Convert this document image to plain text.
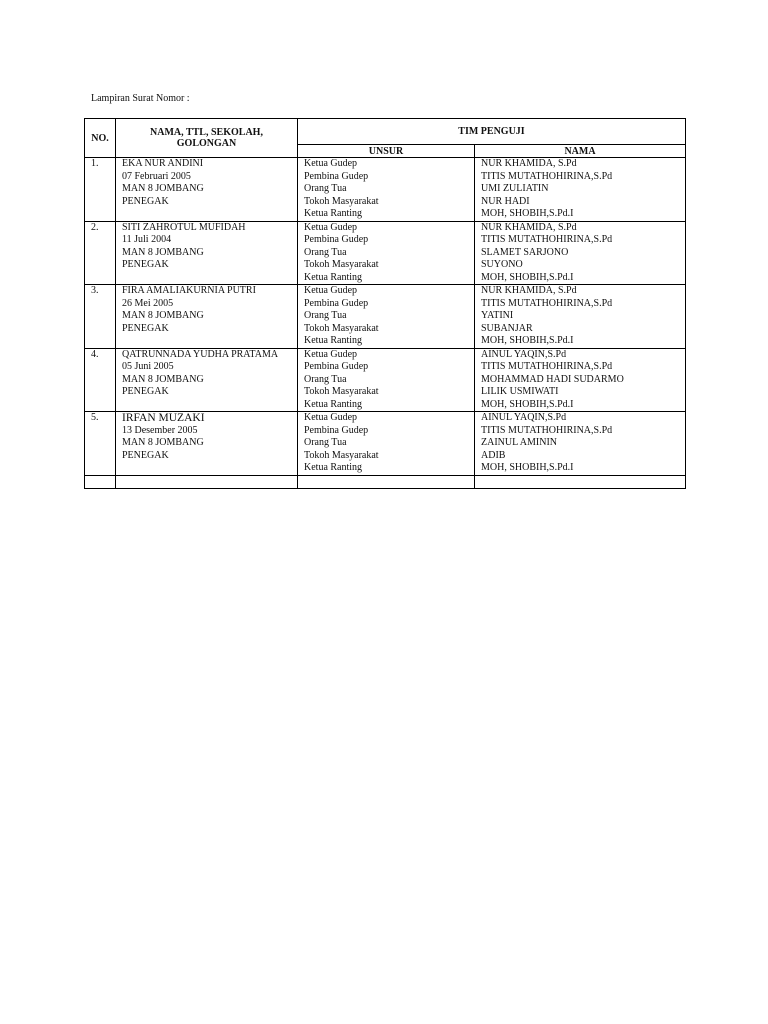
Lampiran Surat Nomor :
NO.	NAMA, TTL, SEKOLAH, GOLONGAN	TIM PENGUJI	
		UNSUR	NAMA

1.	EKA NUR ANDINI
07 Februari 2005
MAN 8 JOMBANG
PENEGAK	Ketua Gudep
Pembina Gudep
Orang Tua
Tokoh Masyarakat
Ketua Ranting	NUR KHAMIDA, S.Pd
TITIS MUTATHOHIRINA,S.Pd
UMI ZULIATIN
NUR HADI
MOH, SHOBIH,S.Pd.I

2.	SITI ZAHROTUL MUFIDAH
11 Juli 2004
MAN 8 JOMBANG
PENEGAK	Ketua Gudep
Pembina Gudep
Orang Tua
Tokoh Masyarakat
Ketua Ranting	NUR KHAMIDA, S.Pd
TITIS MUTATHOHIRINA,S.Pd
SLAMET SARJONO
SUYONO
MOH, SHOBIH,S.Pd.I

3.	FIRA AMALIAKURNIA PUTRI
26 Mei 2005
MAN 8 JOMBANG
PENEGAK	Ketua Gudep
Pembina Gudep
Orang Tua
Tokoh Masyarakat
Ketua Ranting	NUR KHAMIDA, S.Pd
TITIS MUTATHOHIRINA,S.Pd
YATINI
SUBANJAR
MOH, SHOBIH,S.Pd.I

4.	QATRUNNADA YUDHA PRATAMA
05 Juni 2005
MAN 8 JOMBANG
PENEGAK	Ketua Gudep
Pembina Gudep
Orang Tua
Tokoh Masyarakat
Ketua Ranting	AINUL YAQIN,S.Pd
TITIS MUTATHOHIRINA,S.Pd
MOHAMMAD HADI SUDARMO
LILIK USMIWATI
MOH, SHOBIH,S.Pd.I

5.	IRFAN MUZAKI
13 Desember 2005
MAN 8 JOMBANG
PENEGAK	Ketua Gudep
Pembina Gudep
Orang Tua
Tokoh Masyarakat
Ketua Ranting	AINUL YAQIN,S.Pd
TITIS MUTATHOHIRINA,S.Pd
ZAINUL AMININ
ADIB
MOH, SHOBIH,S.Pd.I
